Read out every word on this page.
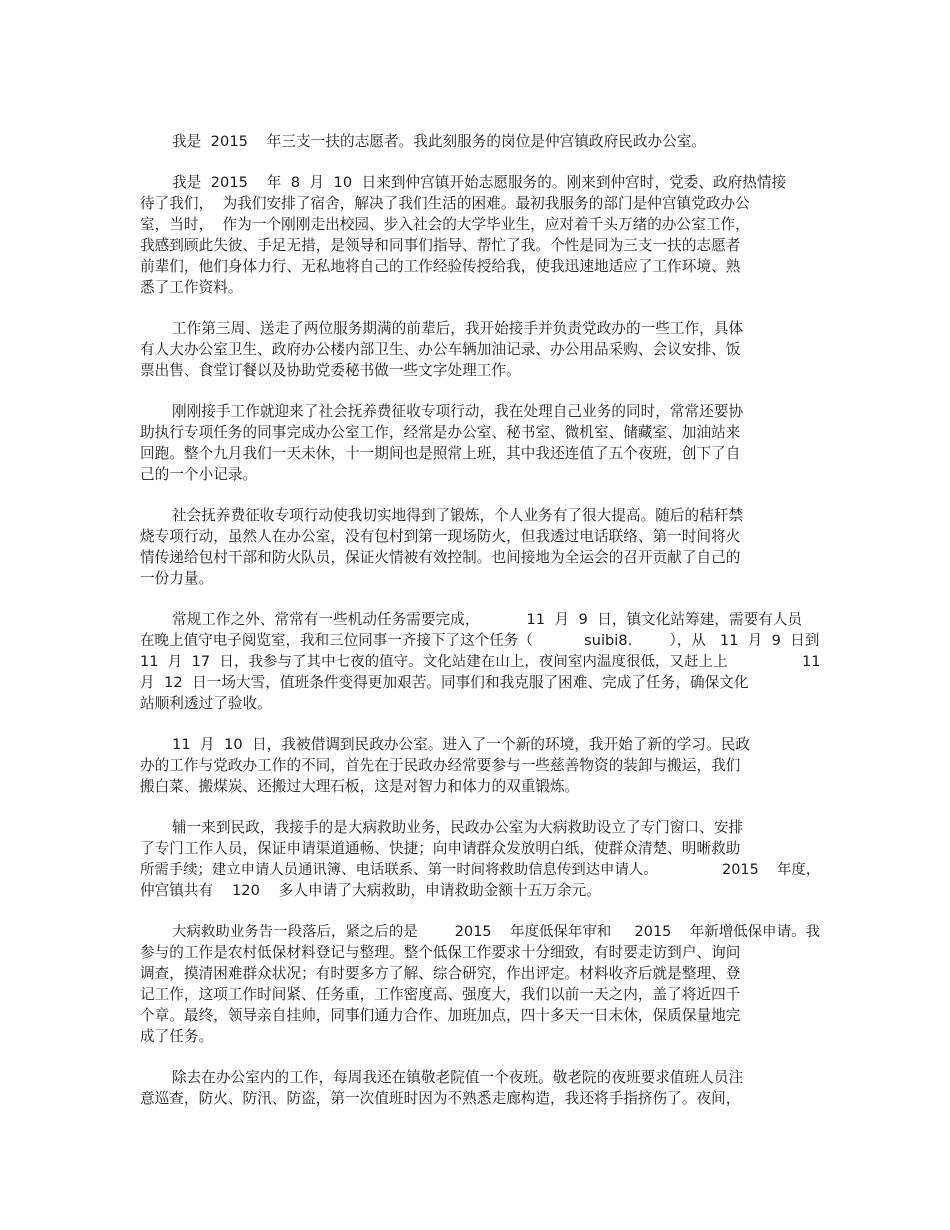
我是  2015    年三支一扶的志愿者。我此刻服务的岗位是仲宫镇政府民政办公室。
我是  2015    年  8  月  10  日来到仲宫镇开始志愿服务的。刚来到仲宫时，党委、政府热情接
待了我们，  为我们安排了宿舍，解决了我们生活的困难。最初我服务的部门是仲宫镇党政办公
室，当时，  作为一个刚刚走出校园、步入社会的大学毕业生，应对着千头万绪的办公室工作，
我感到顾此失彼、手足无措，是领导和同事们指导、帮忙了我。个性是同为三支一扶的志愿者
前辈们，他们身体力行、无私地将自己的工作经验传授给我，使我迅速地适应了工作环境、熟
悉了工作资料。
工作第三周、送走了两位服务期满的前辈后，我开始接手并负责党政办的一些工作，具体
有人大办公室卫生、政府办公楼内部卫生、办公车辆加油记录、办公用品采购、会议安排、饭
票出售、食堂订餐以及协助党委秘书做一些文字处理工作。
刚刚接手工作就迎来了社会抚养费征收专项行动，我在处理自己业务的同时，常常还要协
助执行专项任务的同事完成办公室工作，经常是办公室、秘书室、微机室、储藏室、加油站来
回跑。整个九月我们一天未休，十一期间也是照常上班，其中我还连值了五个夜班，创下了自
己的一个小记录。
社会抚养费征收专项行动使我切实地得到了锻炼，个人业务有了很大提高。随后的秸秆禁
烧专项行动，虽然人在办公室，没有包村到第一现场防火，但我透过电话联络、第一时间将火
情传递给包村干部和防火队员，保证火情被有效控制。也间接地为全运会的召开贡献了自己的
一份力量。
常规工作之外、常常有一些机动任务需要完成，          11  月  9  日，镇文化站筹建，需要有人员
在晚上值守电子阅览室，我和三位同事一齐接下了这个任务（           suibi8.        ），从   11  月  9  日到
11  月  17  日，我参与了其中七夜的值守。文化站建在山上，夜间室内温度很低，又赶上上                11
月  12  日一场大雪，值班条件变得更加艰苦。同事们和我克服了困难、完成了任务，确保文化
站顺利透过了验收。
11  月  10  日，我被借调到民政办公室。进入了一个新的环境，我开始了新的学习。民政
办的工作与党政办工作的不同，首先在于民政办经常要参与一些慈善物资的装卸与搬运，我们
搬白菜、搬煤炭、还搬过大理石板，这是对智力和体力的双重锻炼。
辅一来到民政，我接手的是大病救助业务，民政办公室为大病救助设立了专门窗口、安排
了专门工作人员，保证申请渠道通畅、快捷；向申请群众发放明白纸，使群众清楚、明晰救助
所需手续；建立申请人员通讯簿、电话联系、第一时间将救助信息传到达申请人。              2015    年度，
仲宫镇共有    120    多人申请了大病救助，申请救助金额十五万余元。
大病救助业务告一段落后，紧之后的是        2015    年度低保年审和     2015    年新增低保申请。我
参与的工作是农村低保材料登记与整理。整个低保工作要求十分细致，有时要走访到户、询问
调查，摸清困难群众状况；有时要多方了解、综合研究，作出评定。材料收齐后就是整理、登
记工作，这项工作时间紧、任务重，工作密度高、强度大，我们以前一天之内，盖了将近四千
个章。最终，领导亲自挂帅，同事们通力合作、加班加点，四十多天一日未休，保质保量地完
成了任务。
除去在办公室内的工作，每周我还在镇敬老院值一个夜班。敬老院的夜班要求值班人员注
意巡查，防火、防汛、防盗，第一次值班时因为不熟悉走廊构造，我还将手指挤伤了。夜间，
